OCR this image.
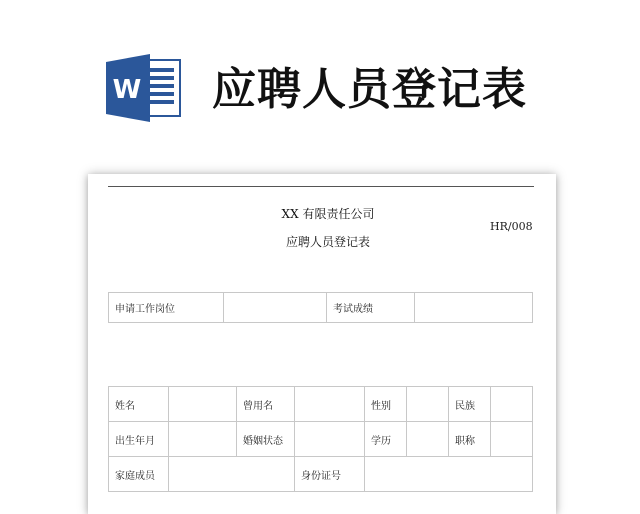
W 应聘人员登记表
XX 有限责任公司
HR/008
应聘人员登记表
申请工作岗位		考试成绩	
姓名		曾用名		性别		民族	
出生年月		婚姻状态		学历		职称	
家庭成员			身份证号				
